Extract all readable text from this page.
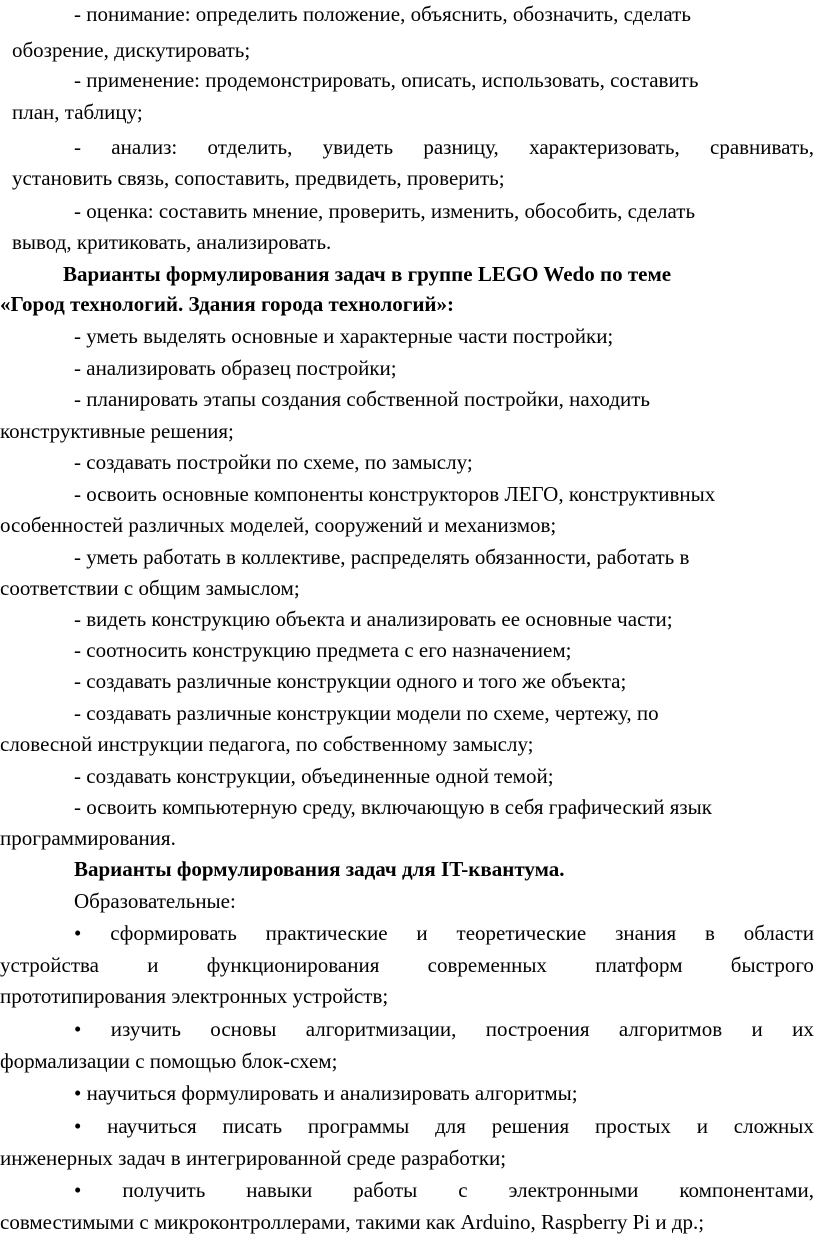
- понимание: определить положение, объяснить, обозначить, сделать
обозрение, дискутировать;
- применение: продемонстрировать, описать, использовать, составить
план, таблицу;
- анализ: отделить, увидеть разницу, характеризовать, сравнивать,
установить связь, сопоставить, предвидеть, проверить;
- оценка: составить мнение, проверить, изменить, обособить, сделать
вывод, критиковать, анализировать.
Варианты формулирования задач в группе LEGO Wedo по теме
«Город технологий. Здания города технологий»:
- уметь выделять основные и характерные части постройки;
- анализировать образец постройки;
- планировать этапы создания собственной постройки, находить
конструктивные решения;
- создавать постройки по схеме, по замыслу;
- освоить основные компоненты конструкторов ЛЕГО, конструктивных
особенностей различных моделей, сооружений и механизмов;
- уметь работать в коллективе, распределять обязанности, работать в
соответствии с общим замыслом;
- видеть конструкцию объекта и анализировать ее основные части;
- соотносить конструкцию предмета с его назначением;
- создавать различные конструкции одного и того же объекта;
- создавать различные конструкции модели по схеме, чертежу, по
словесной инструкции педагога, по собственному замыслу;
- создавать конструкции, объединенные одной темой;
- освоить компьютерную среду, включающую в себя графический язык
программирования.
Варианты формулирования задач для IT-квантума.
Образовательные:
• сформировать практические и теоретические знания в области
устройства и функционирования современных платформ быстрого
прототипирования электронных устройств;
• изучить основы алгоритмизации, построения алгоритмов и их
формализации с помощью блок-схем;
• научиться формулировать и анализировать алгоритмы;
• научиться писать программы для решения простых и сложных
инженерных задач в интегрированной среде разработки;
• получить навыки работы с электронными компонентами,
совместимыми с микроконтроллерами, такими как Arduino, Raspberry Pi и др.;
